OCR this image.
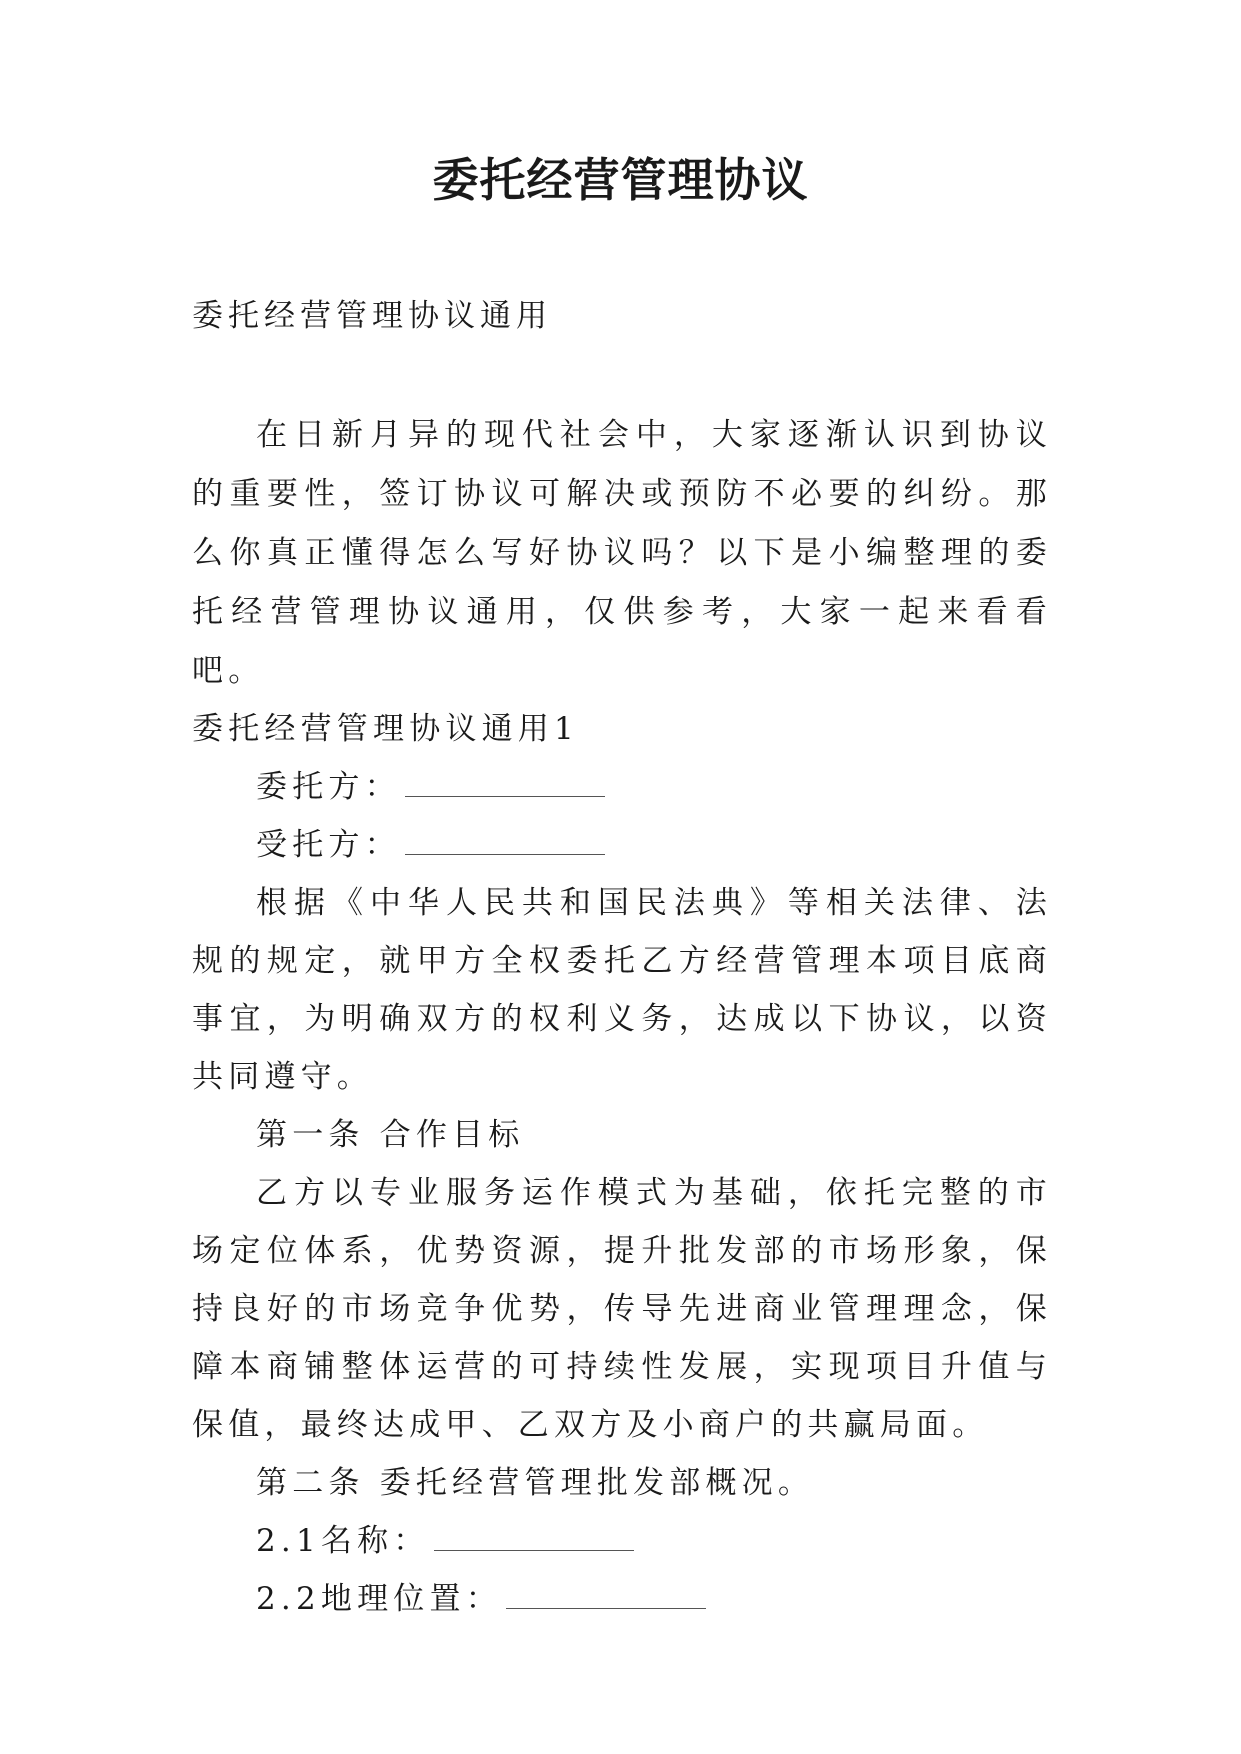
委托经营管理协议
委托经营管理协议通用
在日新月异的现代社会中，大家逐渐认识到协议的重要性，签订协议可解决或预防不必要的纠纷。那么你真正懂得怎么写好协议吗？以下是小编整理的委托经营管理协议通用，仅供参考，大家一起来看看吧。

委托经营管理协议通用1

委托方：

受托方：

根据《中华人民共和国民法典》等相关法律、法规的规定，就甲方全权委托乙方经营管理本项目底商事宜，为明确双方的权利义务，达成以下协议，以资共同遵守。

第一条 合作目标

乙方以专业服务运作模式为基础，依托完整的市场定位体系，优势资源，提升批发部的市场形象，保持良好的市场竞争优势，传导先进商业管理理念，保障本商铺整体运营的可持续性发展，实现项目升值与保值，最终达成甲、乙双方及小商户的共赢局面。

第二条 委托经营管理批发部概况。

2.1名称：

2.2地理位置：
